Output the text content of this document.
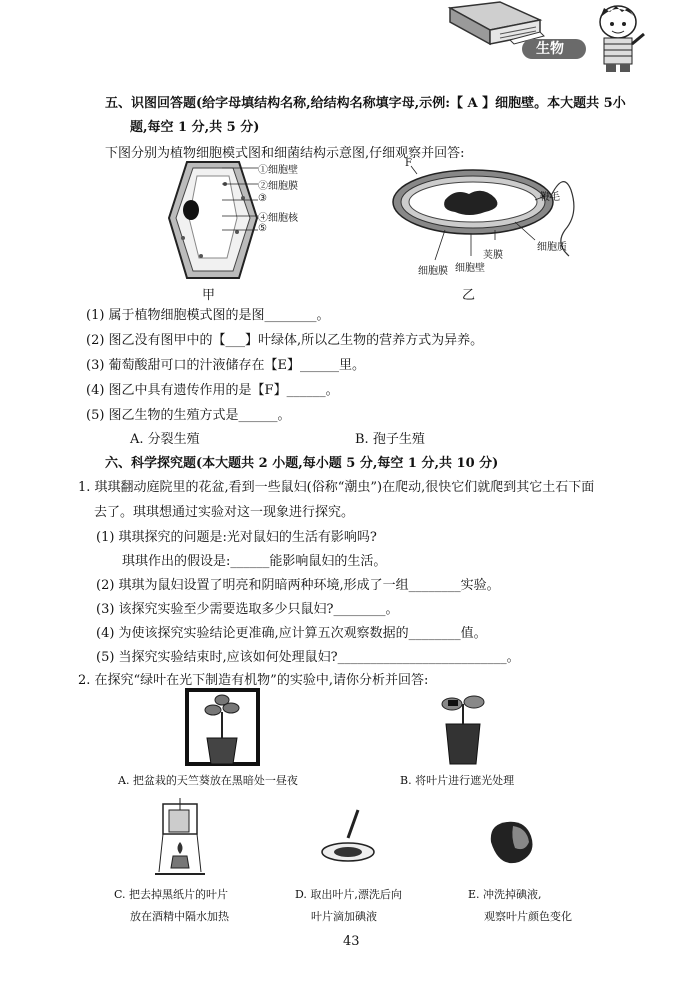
生物
五、识图回答题(给字母填结构名称,给结构名称填字母,示例:【 A 】细胞壁。本大题共 5小
题,每空 1 分,共 5 分)
下图分别为植物细胞模式图和细菌结构示意图,仔细观察并回答:
①细胞壁
②细胞膜
③
④细胞核
⑤
甲
F
鞭毛
细胞质
荚膜
细胞壁
细胞膜
乙
(1) 属于植物细胞模式图的是图________。
(2) 图乙没有图甲中的【___】叶绿体,所以乙生物的营养方式为异养。
(3) 葡萄酸甜可口的汁液储存在【E】______里。
(4) 图乙中具有遗传作用的是【F】______。
(5) 图乙生物的生殖方式是______。
A. 分裂生殖	B. 孢子生殖
六、科学探究题(本大题共 2 小题,每小题 5 分,每空 1 分,共 10 分)
1. 琪琪翻动庭院里的花盆,看到一些鼠妇(俗称“潮虫”)在爬动,很快它们就爬到其它土石下面
去了。琪琪想通过实验对这一现象进行探究。
(1) 琪琪探究的问题是:光对鼠妇的生活有影响吗?
琪琪作出的假设是:______能影响鼠妇的生活。
(2) 琪琪为鼠妇设置了明亮和阴暗两种环境,形成了一组________实验。
(3) 该探究实验至少需要选取多少只鼠妇?________。
(4) 为使该探究实验结论更准确,应计算五次观察数据的________值。
(5) 当探究实验结束时,应该如何处理鼠妇?__________________________。
2. 在探究“绿叶在光下制造有机物”的实验中,请你分析并回答:
A. 把盆栽的天竺葵放在黑暗处一昼夜	B. 将叶片进行遮光处理
C. 把去掉黑纸片的叶片
放在酒精中隔水加热
D. 取出叶片,漂洗后向
叶片滴加碘液
E. 冲洗掉碘液,
观察叶片颜色变化
43
